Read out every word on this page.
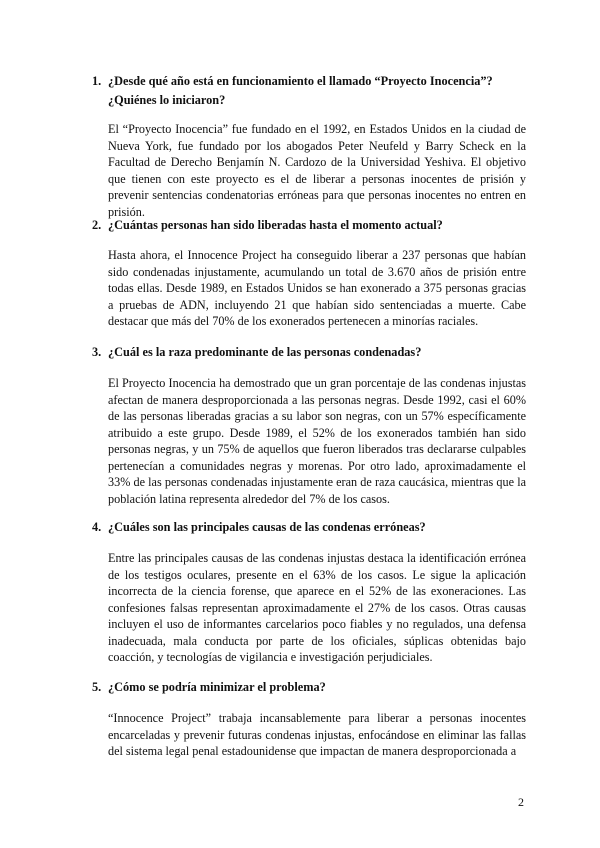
1. ¿Desde qué año está en funcionamiento el llamado “Proyecto Inocencia”? ¿Quiénes lo iniciaron?

El “Proyecto Inocencia” fue fundado en el 1992, en Estados Unidos en la ciudad de Nueva York, fue fundado por los abogados Peter Neufeld y Barry Scheck en la Facultad de Derecho Benjamín N. Cardozo de la Universidad Yeshiva. El objetivo que tienen con este proyecto es el de liberar a personas inocentes de prisión y prevenir sentencias condenatorias erróneas para que personas inocentes no entren en prisión.

2. ¿Cuántas personas han sido liberadas hasta el momento actual?

Hasta ahora, el Innocence Project ha conseguido liberar a 237 personas que habían sido condenadas injustamente, acumulando un total de 3.670 años de prisión entre todas ellas. Desde 1989, en Estados Unidos se han exonerado a 375 personas gracias a pruebas de ADN, incluyendo 21 que habían sido sentenciadas a muerte. Cabe destacar que más del 70% de los exonerados pertenecen a minorías raciales.

3. ¿Cuál es la raza predominante de las personas condenadas?

El Proyecto Inocencia ha demostrado que un gran porcentaje de las condenas injustas afectan de manera desproporcionada a las personas negras. Desde 1992, casi el 60% de las personas liberadas gracias a su labor son negras, con un 57% específicamente atribuido a este grupo. Desde 1989, el 52% de los exonerados también han sido personas negras, y un 75% de aquellos que fueron liberados tras declararse culpables pertenecían a comunidades negras y morenas. Por otro lado, aproximadamente el 33% de las personas condenadas injustamente eran de raza caucásica, mientras que la población latina representa alrededor del 7% de los casos.

4. ¿Cuáles son las principales causas de las condenas erróneas?

Entre las principales causas de las condenas injustas destaca la identificación errónea de los testigos oculares, presente en el 63% de los casos. Le sigue la aplicación incorrecta de la ciencia forense, que aparece en el 52% de las exoneraciones. Las confesiones falsas representan aproximadamente el 27% de los casos. Otras causas incluyen el uso de informantes carcelarios poco fiables y no regulados, una defensa inadecuada, mala conducta por parte de los oficiales, súplicas obtenidas bajo coacción, y tecnologías de vigilancia e investigación perjudiciales.

5. ¿Cómo se podría minimizar el problema?

“Innocence Project” trabaja incansablemente para liberar a personas inocentes encarceladas y prevenir futuras condenas injustas, enfocándose en eliminar las fallas del sistema legal penal estadounidense que impactan de manera desproporcionada a

2
